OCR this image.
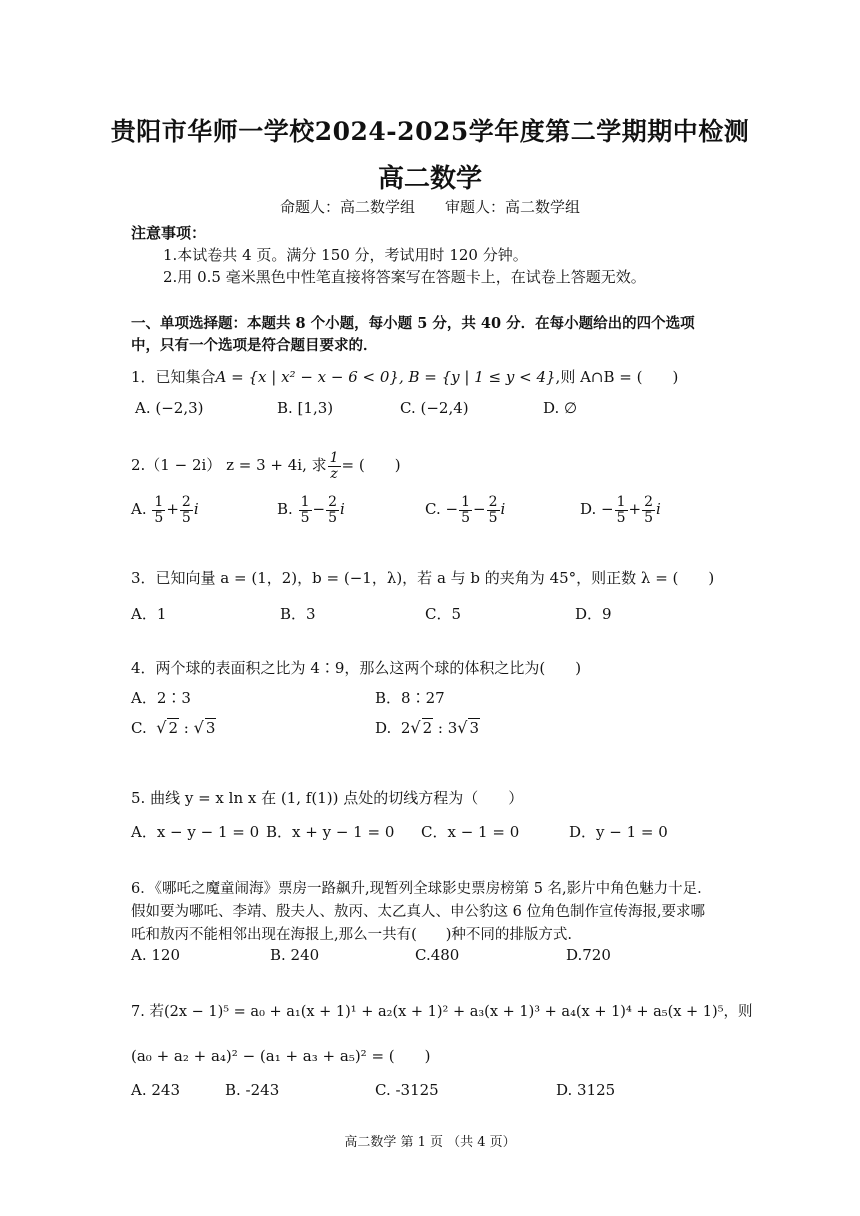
贵阳市华师一学校2024-2025学年度第二学期期中检测
高二数学
命题人：高二数学组　　审题人：高二数学组
注意事项：
1.本试卷共 4 页。满分 150 分，考试用时 120 分钟。
2.用 0.5 毫米黑色中性笔直接将答案写在答题卡上，在试卷上答题无效。
一、单项选择题：本题共 8 个小题，每小题 5 分，共 40 分．在每小题给出的四个选项
中，只有一个选项是符合题目要求的．
1．已知集合A = {x | x² − x − 6 < 0}, B = {y | 1 ≤ y < 4},则 A∩B = (　　)
A. (−2,3)	B. [1,3)	C. (−2,4)	D. ∅
2.（1 − 2i） z = 3 + 4i, 求 $\frac{1}{z}$ = (　　)
A. $\frac{1}{5} + \frac{2}{5}$ i	B. $\frac{1}{5} - \frac{2}{5}$ i	C. − $\frac{1}{5} - \frac{2}{5}$ i	D. − $\frac{1}{5} + \frac{2}{5}$ i
3．已知向量 a = (1，2)，b = (−1，λ)，若 a 与 b 的夹角为 45°，则正数 λ = (　　)
A．1	B．3	C．5	D．9
4．两个球的表面积之比为 4∶9，那么这两个球的体积之比为(　　)
A．2∶3	B．8∶27
C. √ 2 : √ 3	D. 2√ 2 : 3√ 3
5. 曲线 y = x ln x 在 (1, f(1)) 点处的切线方程为（　　）
A．x − y − 1 = 0 B．x + y − 1 = 0 C．x − 1 = 0	D．y − 1 = 0
6．《哪吒之魔童闹海》票房一路飙升,现暂列全球影史票房榜第 5 名,影片中角色魅力十足.
假如要为哪吒、李靖、殷夫人、敖丙、太乙真人、申公豹这 6 位角色制作宣传海报,要求哪
吒和敖丙不能相邻出现在海报上,那么一共有(　　)种不同的排版方式.
A. 120	B. 240	C.480	D.720
7. 若(2x − 1)⁵ = a₀ + a₁(x + 1)¹ + a₂(x + 1)² + a₃(x + 1)³ + a₄(x + 1)⁴ + a₅(x + 1)⁵，则
(a₀ + a₂ + a₄)² − (a₁ + a₃ + a₅)² = (　　)
A. 243	B. -243	C. -3125	D. 3125
高二数学 第 1 页 （共 4 页）
